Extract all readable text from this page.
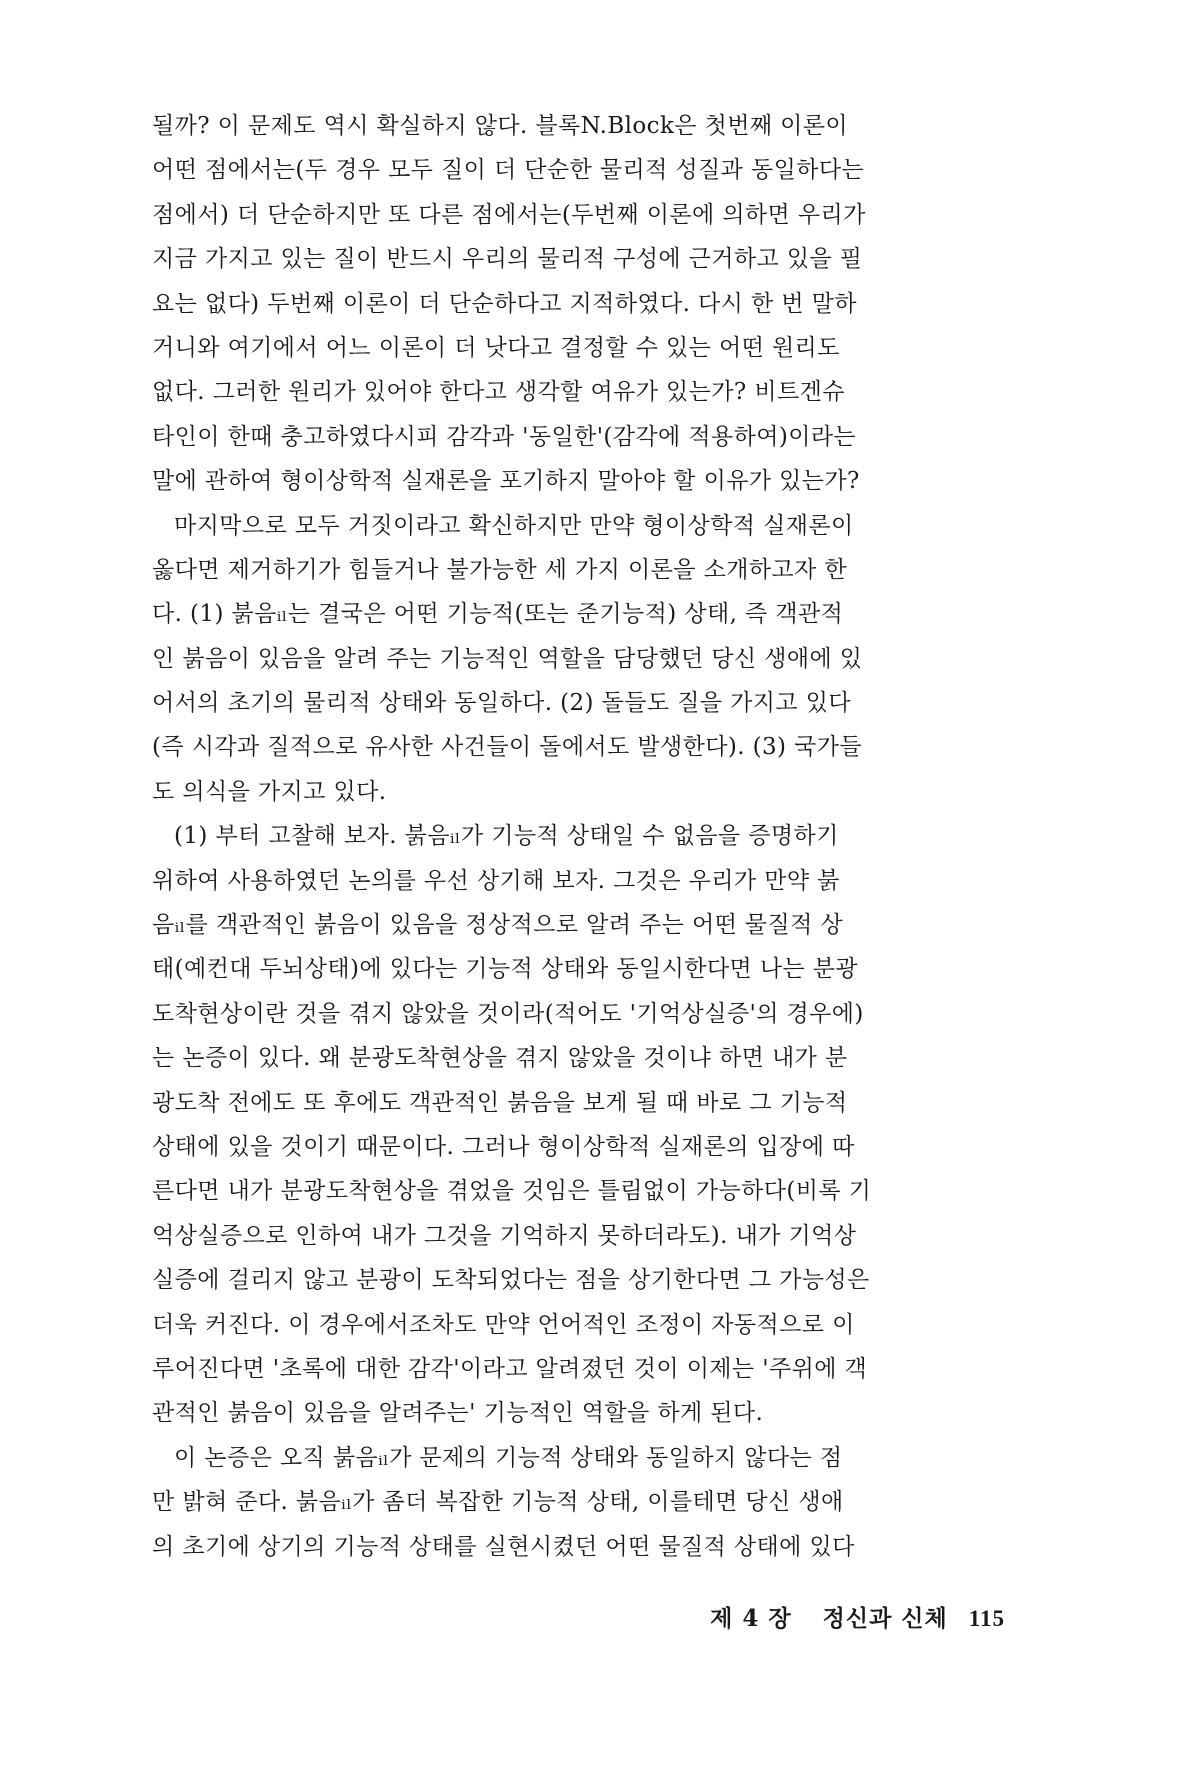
될까? 이 문제도 역시 확실하지 않다. 블록N.Block은 첫번째 이론이
어떤 점에서는(두 경우 모두 질이 더 단순한 물리적 성질과 동일하다는
점에서) 더 단순하지만 또 다른 점에서는(두번째 이론에 의하면 우리가
지금 가지고 있는 질이 반드시 우리의 물리적 구성에 근거하고 있을 필
요는 없다) 두번째 이론이 더 단순하다고 지적하였다. 다시 한 번 말하
거니와 여기에서 어느 이론이 더 낫다고 결정할 수 있는 어떤 원리도
없다. 그러한 원리가 있어야 한다고 생각할 여유가 있는가? 비트겐슈
타인이 한때 충고하였다시피 감각과 '동일한'(감각에 적용하여)이라는
말에 관하여 형이상학적 실재론을 포기하지 말아야 할 이유가 있는가?
마지막으로 모두 거짓이라고 확신하지만 만약 형이상학적 실재론이
옳다면 제거하기가 힘들거나 불가능한 세 가지 이론을 소개하고자 한
다. (1) 붉음ᵢₗ는 결국은 어떤 기능적(또는 준기능적) 상태, 즉 객관적
인 붉음이 있음을 알려 주는 기능적인 역할을 담당했던 당신 생애에 있
어서의 초기의 물리적 상태와 동일하다. (2) 돌들도 질을 가지고 있다
(즉 시각과 질적으로 유사한 사건들이 돌에서도 발생한다). (3) 국가들
도 의식을 가지고 있다.
(1) 부터 고찰해 보자. 붉음ᵢₗ가 기능적 상태일 수 없음을 증명하기
위하여 사용하였던 논의를 우선 상기해 보자. 그것은 우리가 만약 붉
음ᵢₗ를 객관적인 붉음이 있음을 정상적으로 알려 주는 어떤 물질적 상
태(예컨대 두뇌상태)에 있다는 기능적 상태와 동일시한다면 나는 분광
도착현상이란 것을 겪지 않았을 것이라(적어도 '기억상실증'의 경우에)
는 논증이 있다. 왜 분광도착현상을 겪지 않았을 것이냐 하면 내가 분
광도착 전에도 또 후에도 객관적인 붉음을 보게 될 때 바로 그 기능적
상태에 있을 것이기 때문이다. 그러나 형이상학적 실재론의 입장에 따
른다면 내가 분광도착현상을 겪었을 것임은 틀림없이 가능하다(비록 기
억상실증으로 인하여 내가 그것을 기억하지 못하더라도). 내가 기억상
실증에 걸리지 않고 분광이 도착되었다는 점을 상기한다면 그 가능성은
더욱 커진다. 이 경우에서조차도 만약 언어적인 조정이 자동적으로 이
루어진다면 '초록에 대한 감각'이라고 알려졌던 것이 이제는 '주위에 객
관적인 붉음이 있음을 알려주는' 기능적인 역할을 하게 된다.
이 논증은 오직 붉음ᵢₗ가 문제의 기능적 상태와 동일하지 않다는 점
만 밝혀 준다. 붉음ᵢₗ가 좀더 복잡한 기능적 상태, 이를테면 당신 생애
의 초기에 상기의 기능적 상태를 실현시켰던 어떤 물질적 상태에 있다
제 4 장 정신과 신체 115
